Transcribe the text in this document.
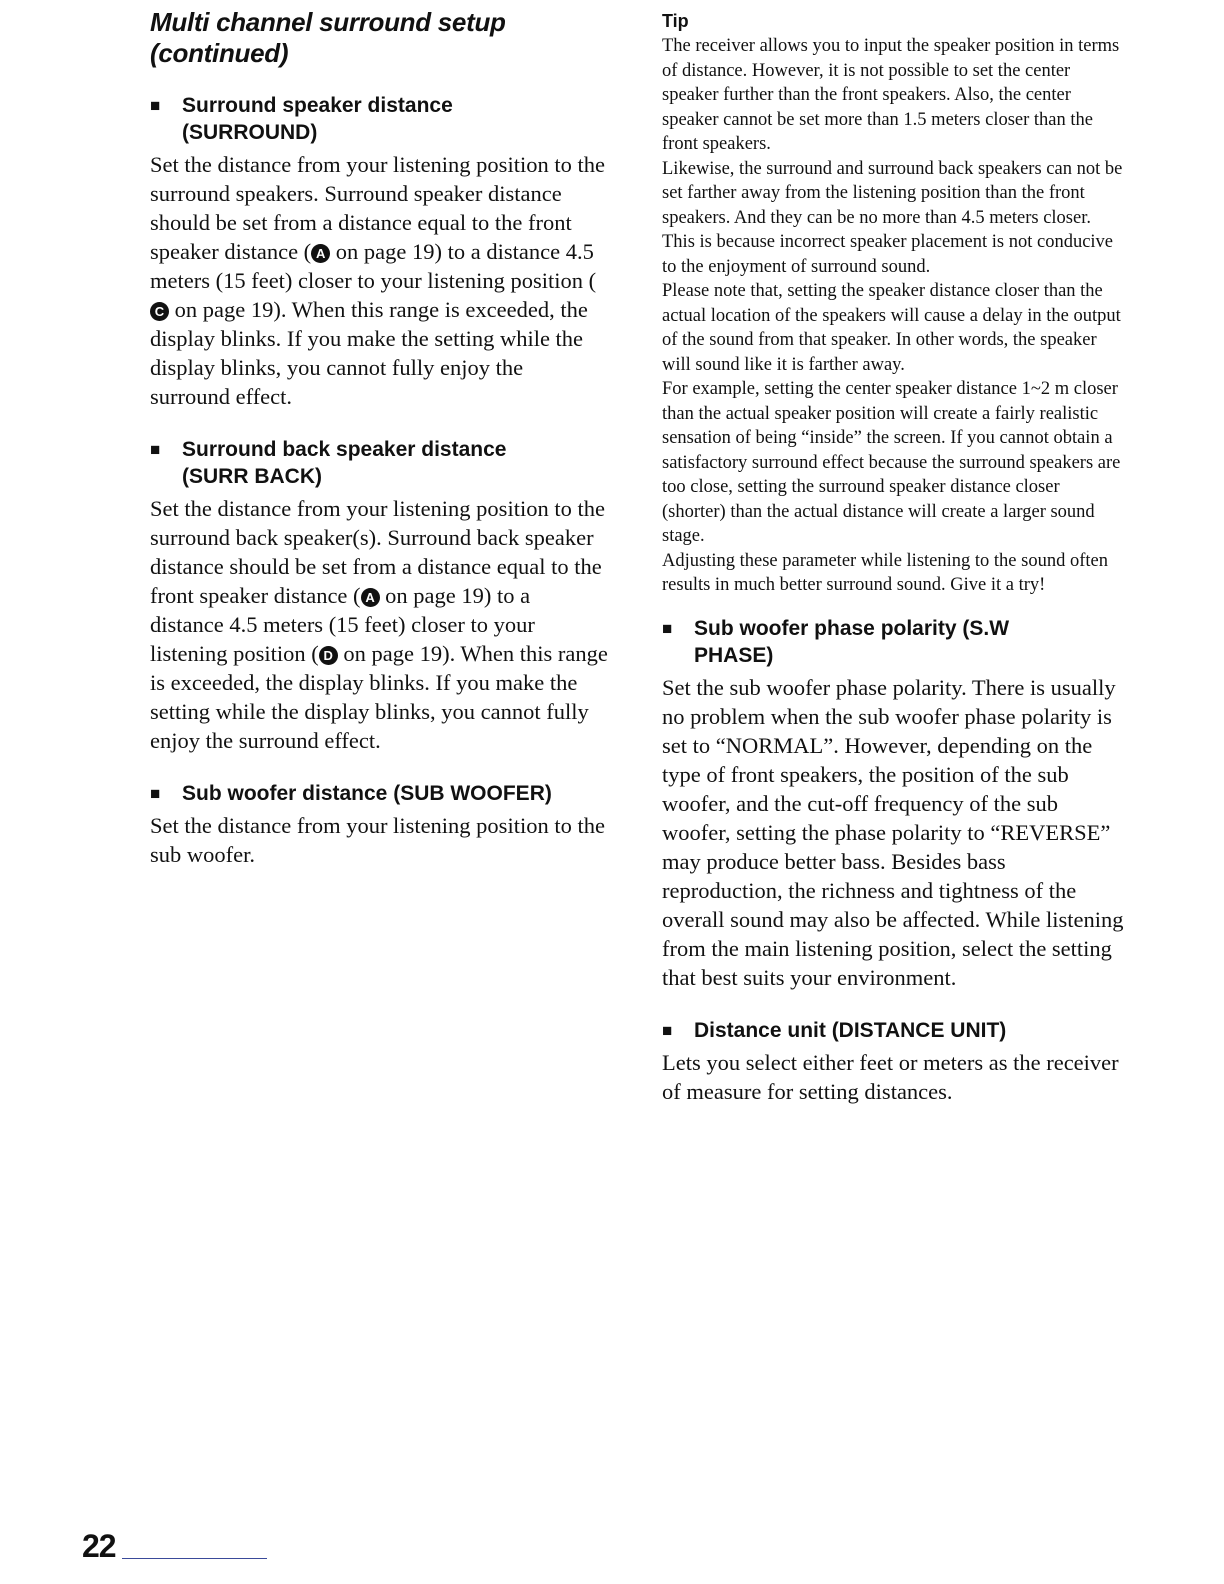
Multi channel surround setup
(continued)
■	Surround speaker distance
(SURROUND)

Set the distance from your listening position to the surround speakers. Surround speaker distance should be set from a distance equal to the front speaker distance ( A on page 19) to a distance 4.5 meters (15 feet) closer to your listening position (C on page 19). When this range is exceeded, the display blinks. If you make the setting while the display blinks, you cannot fully enjoy the surround effect.

■	Surround back speaker distance
(SURR BACK)

Set the distance from your listening position to the surround back speaker(s). Surround back speaker distance should be set from a distance equal to the front speaker distance ( A on page 19) to a distance 4.5 meters (15 feet) closer to your listening position ( D on page 19). When this range is exceeded, the display blinks. If you make the setting while the display blinks, you cannot fully enjoy the surround effect.

■	Sub woofer distance (SUB WOOFER)

Set the distance from your listening position to the sub woofer.

Tip

The receiver allows you to input the speaker position in terms of distance. However, it is not possible to set the center speaker further than the front speakers. Also, the center speaker cannot be set more than 1.5 meters closer than the front speakers.

Likewise, the surround and surround back speakers can not be set farther away from the listening position than the front speakers. And they can be no more than 4.5 meters closer.

This is because incorrect speaker placement is not conducive to the enjoyment of surround sound.

Please note that, setting the speaker distance closer than the actual location of the speakers will cause a delay in the output of the sound from that speaker. In other words, the speaker will sound like it is farther away.

For example, setting the center speaker distance 1~2 m closer than the actual speaker position will create a fairly realistic sensation of being “inside” the screen. If you cannot obtain a satisfactory surround effect because the surround speakers are too close, setting the surround speaker distance closer (shorter) than the actual distance will create a larger sound stage.

Adjusting these parameter while listening to the sound often results in much better surround sound. Give it a try!

■	Sub woofer phase polarity (S.W
PHASE)

Set the sub woofer phase polarity. There is usually no problem when the sub woofer phase polarity is set to “NORMAL”. However, depending on the type of front speakers, the position of the sub woofer, and the cut-off frequency of the sub woofer, setting the phase polarity to “REVERSE” may produce better bass. Besides bass reproduction, the richness and tightness of the overall sound may also be affected. While listening from the main listening position, select the setting that best suits your environment.

■	Distance unit (DISTANCE UNIT)

Lets you select either feet or meters as the receiver of measure for setting distances.

22
